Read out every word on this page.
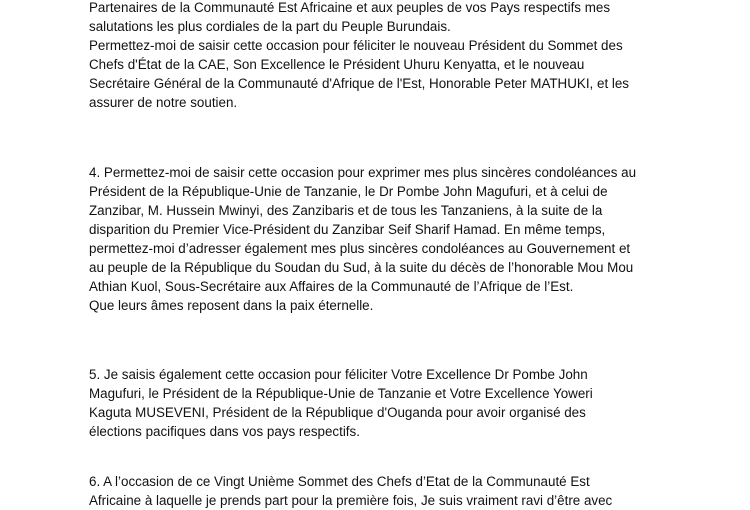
Partenaires de la Communauté Est Africaine et aux peuples de vos Pays respectifs mes

salutations les plus cordiales de la part du Peuple Burundais.

Permettez-moi de saisir cette occasion pour féliciter le nouveau Président du Sommet des

Chefs d'État de la CAE, Son Excellence le Président Uhuru Kenyatta, et le nouveau

Secrétaire Général de la Communauté d'Afrique de l'Est, Honorable Peter MATHUKI, et les

assurer de notre soutien.

4. Permettez-moi de saisir cette occasion pour exprimer mes plus sincères condoléances au

Président de la République-Unie de Tanzanie, le Dr Pombe John Magufuri, et à celui de

Zanzibar, M. Hussein Mwinyi, des Zanzibaris et de tous les Tanzaniens, à la suite de la

disparition du Premier Vice-Président du Zanzibar Seif Sharif Hamad. En même temps,

permettez-moi d’adresser également mes plus sincères condoléances au Gouvernement et

au peuple de la République du Soudan du Sud, à la suite du décès de l’honorable Mou Mou

Athian Kuol, Sous-Secrétaire aux Affaires de la Communauté de l’Afrique de l’Est.

Que leurs âmes reposent dans la paix éternelle.

5. Je saisis également cette occasion pour féliciter Votre Excellence Dr Pombe John

Magufuri, le Président de la République-Unie de Tanzanie et Votre Excellence Yoweri

Kaguta MUSEVENI, Président de la République d'Ouganda pour avoir organisé des

élections pacifiques dans vos pays respectifs.

6. A l’occasion de ce Vingt Unième Sommet des Chefs d’Etat de la Communauté Est

Africaine à laquelle je prends part pour la première fois, Je suis vraiment ravi d’être avec
